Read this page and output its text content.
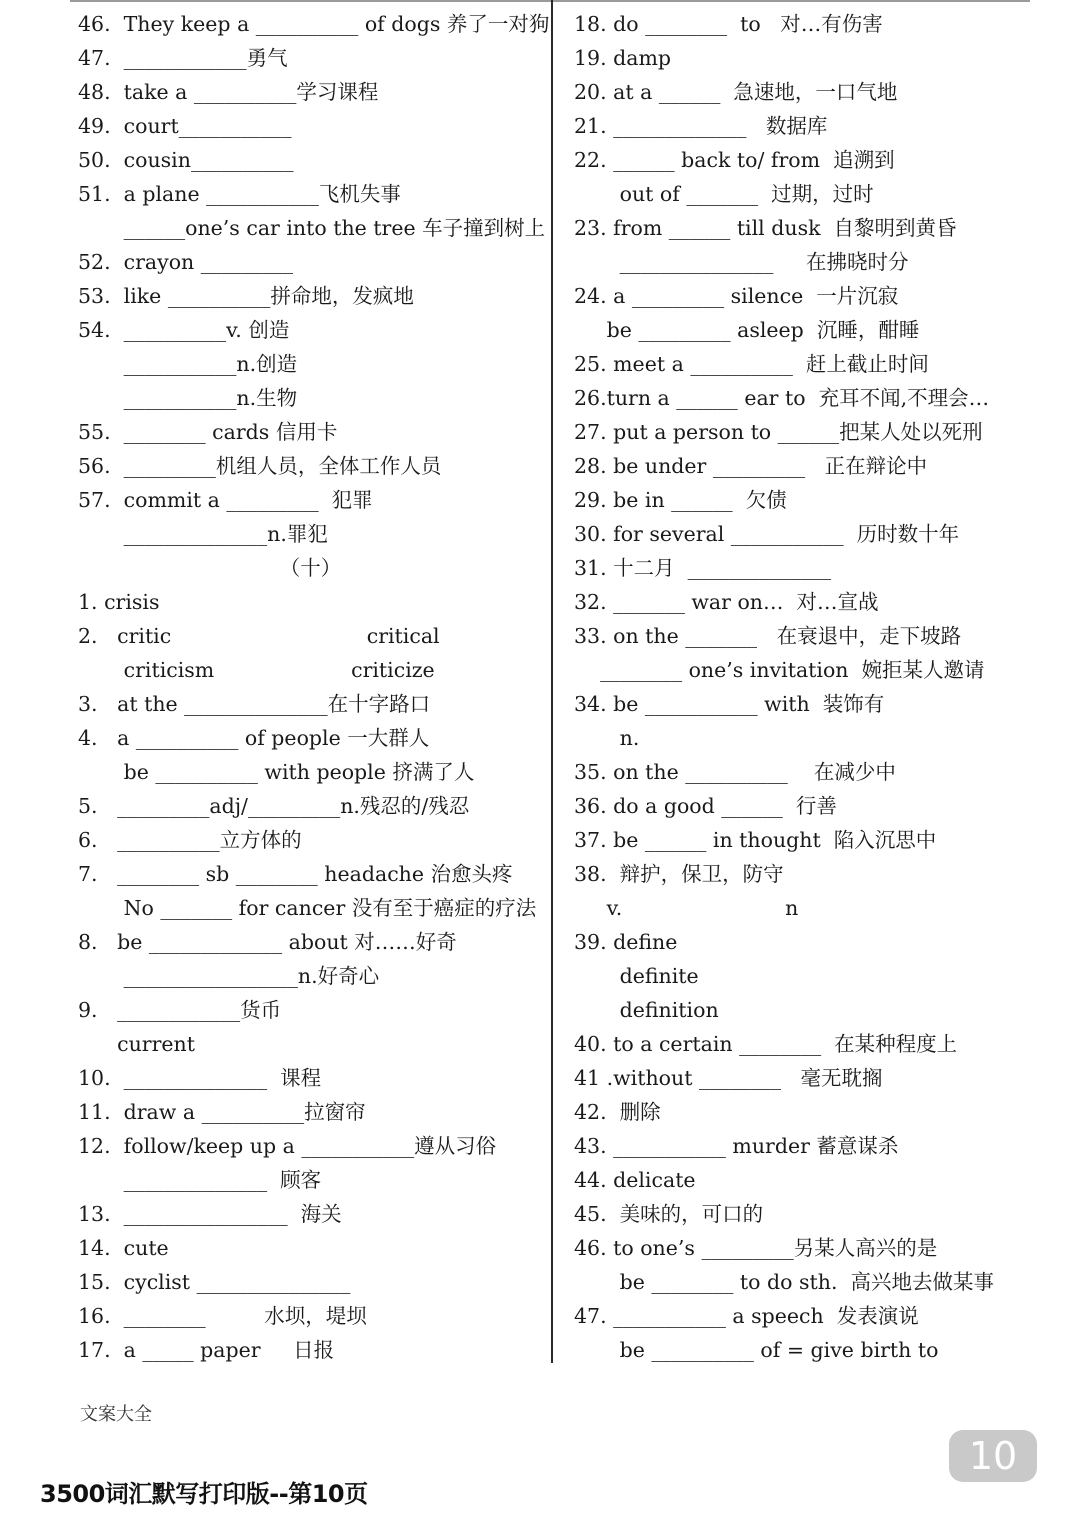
46.  They keep a __________ of dogs 养了一对狗
47.  ____________勇气
48.  take a __________学习课程
49.  court___________
50.  cousin__________
51.  a plane ___________飞机失事
______one’s car into the tree 车子撞到树上
52.  crayon _________
53.  like __________拼命地，发疯地
54.  __________v. 创造
___________n.创造
___________n.生物
55.  ________ cards 信用卡
56.  _________机组人员，全体工作人员
57.  commit a _________  犯罪
______________n.罪犯
（十）
1. crisis
2.   critic                              critical
criticism                     criticize
3.   at the ______________在十字路口
4.   a __________ of people 一大群人
be __________ with people 挤满了人
5.   _________adj/_________n.残忍的/残忍
6.   __________立方体的
7.   ________ sb ________ headache 治愈头疼
No _______ for cancer 没有至于癌症的疗法
8.   be _____________ about 对……好奇
_________________n.好奇心
9.   ____________货币
current
10.  ______________  课程
11.  draw a __________拉窗帘
12.  follow/keep up a ___________遵从习俗
______________  顾客
13.  ________________  海关
14.  cute
15.  cyclist _______________
16.  ________         水坝，堤坝
17.  a _____ paper     日报
18. do ________  to   对…有伤害
19. damp
20. at a ______  急速地，一口气地
21. _____________   数据库
22. ______ back to/ from  追溯到
out of _______  过期，过时
23. from ______ till dusk  自黎明到黄昏
_______________     在拂晓时分
24. a _________ silence  一片沉寂
be _________ asleep  沉睡，酣睡
25. meet a __________  赶上截止时间
26.turn a ______ ear to  充耳不闻,不理会…
27. put a person to ______把某人处以死刑
28. be under _________   正在辩论中
29. be in ______  欠债
30. for several ___________  历时数十年
31. 十二月  ______________
32. _______ war on…  对…宣战
33. on the _______   在衰退中，走下坡路
________ one’s invitation  婉拒某人邀请
34. be ___________ with  装饰有
n.
35. on the __________    在减少中
36. do a good ______  行善
37. be ______ in thought  陷入沉思中
38.  辩护，保卫，防守
v.                         n
39. define
definite
definition
40. to a certain ________  在某种程度上
41 .without ________   毫无耽搁
42.  删除
43. ___________ murder 蓄意谋杀
44. delicate
45.  美味的，可口的
46. to one’s _________另某人高兴的是
be ________ to do sth.  高兴地去做某事
47. ___________ a speech  发表演说
be __________ of = give birth to
文案大全
10
3500词汇默写打印版--第10页
